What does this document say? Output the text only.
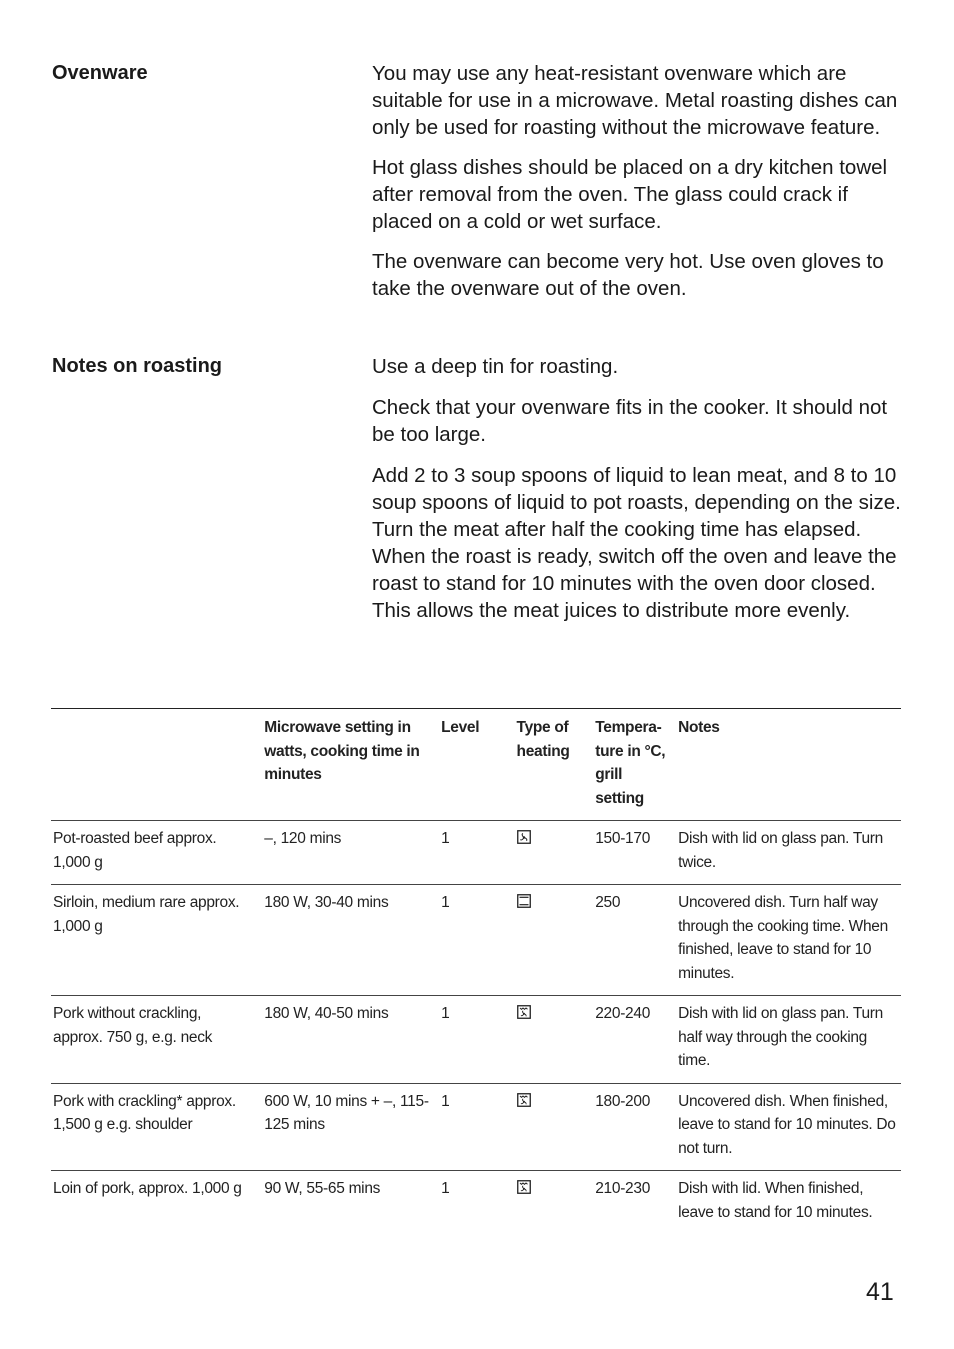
Ovenware	You may use any heat-resistant ovenware which are suitable for use in a microwave. Metal roasting dishes can only be used for roasting without the microwave feature.

Hot glass dishes should be placed on a dry kitchen towel after removal from the oven. The glass could crack if placed on a cold or wet surface.

The ovenware can become very hot. Use oven gloves to take the ovenware out of the oven.

Notes on roasting	Use a deep tin for roasting.

Check that your ovenware fits in the cooker. It should not be too large.

Add 2 to 3 soup spoons of liquid to lean meat, and 8 to 10 soup spoons of liquid to pot roasts, depending on the size.

Turn the meat after half the cooking time has elapsed. When the roast is ready, switch off the oven and leave the roast to stand for 10 minutes with the oven door closed. This allows the meat juices to distribute more evenly.

	Microwave setting in watts, cooking time in minutes	Level	Type of heating	Tempera-ture in °C, grill setting	Notes
Pot-roasted beef approx. 1,000 g	–, 120 mins	1		150-170	Dish with lid on glass pan. Turn twice.
Sirloin, medium rare approx. 1,000 g	180 W, 30-40 mins	1		250	Uncovered dish. Turn half way through the cooking time. When finished, leave to stand for 10 minutes.
Pork without crackling, approx. 750 g, e.g. neck	180 W, 40-50 mins	1		220-240	Dish with lid on glass pan. Turn half way through the cooking time.
Pork with crackling* approx. 1,500 g e.g. shoulder	600 W, 10 mins + –, 115-125 mins	1		180-200	Uncovered dish. When finished, leave to stand for 10 minutes. Do not turn.
Loin of pork, approx. 1,000 g	90 W, 55-65 mins	1		210-230	Dish with lid. When finished, leave to stand for 10 minutes.
41
